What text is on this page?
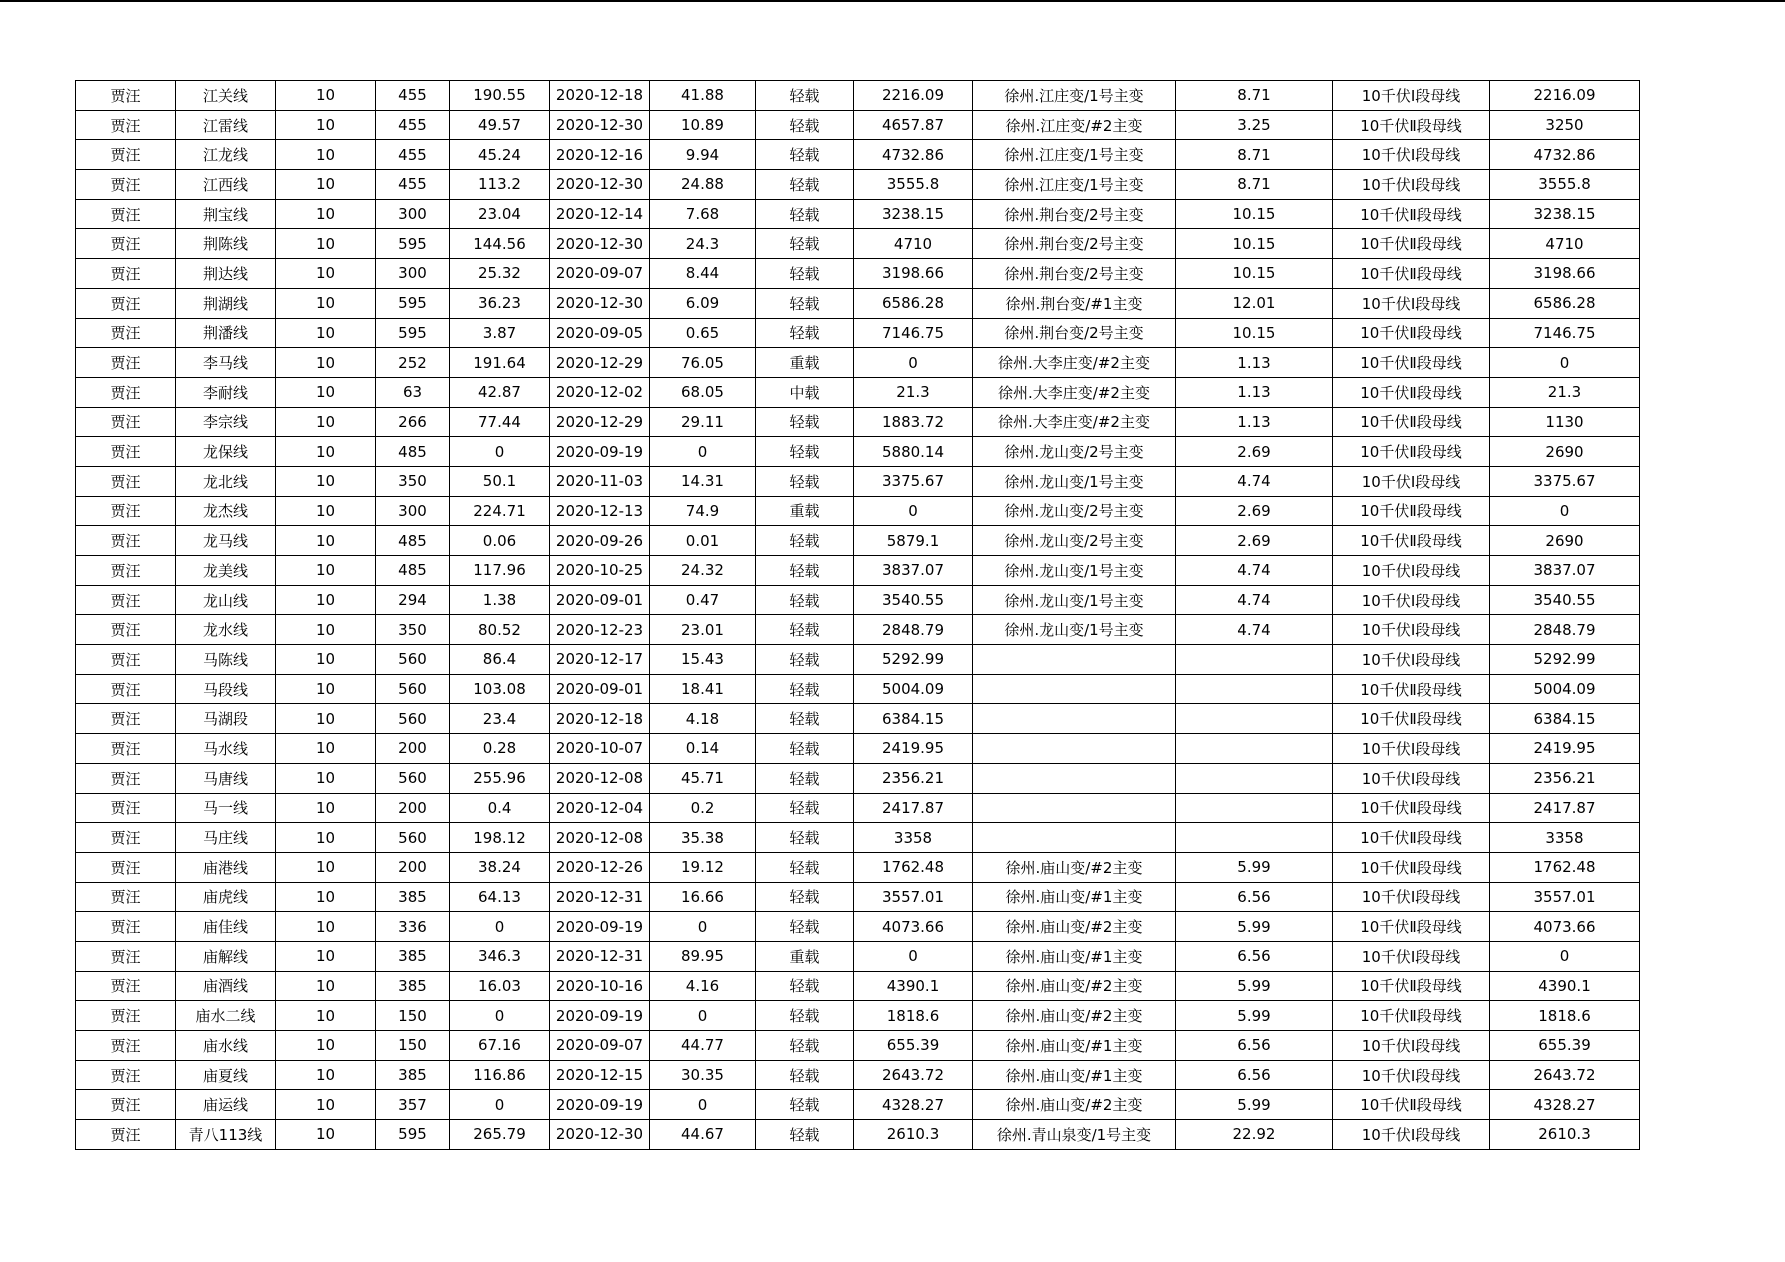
贾汪	江关线	10	455	190.55	2020-12-18	41.88	轻载	2216.09	徐州.江庄变/1号主变	8.71	10千伏Ⅰ段母线	2216.09
贾汪	江雷线	10	455	49.57	2020-12-30	10.89	轻载	4657.87	徐州.江庄变/#2主变	3.25	10千伏Ⅱ段母线	3250
贾汪	江龙线	10	455	45.24	2020-12-16	9.94	轻载	4732.86	徐州.江庄变/1号主变	8.71	10千伏Ⅰ段母线	4732.86
贾汪	江西线	10	455	113.2	2020-12-30	24.88	轻载	3555.8	徐州.江庄变/1号主变	8.71	10千伏Ⅰ段母线	3555.8
贾汪	荆宝线	10	300	23.04	2020-12-14	7.68	轻载	3238.15	徐州.荆台变/2号主变	10.15	10千伏Ⅱ段母线	3238.15
贾汪	荆陈线	10	595	144.56	2020-12-30	24.3	轻载	4710	徐州.荆台变/2号主变	10.15	10千伏Ⅱ段母线	4710
贾汪	荆达线	10	300	25.32	2020-09-07	8.44	轻载	3198.66	徐州.荆台变/2号主变	10.15	10千伏Ⅱ段母线	3198.66
贾汪	荆湖线	10	595	36.23	2020-12-30	6.09	轻载	6586.28	徐州.荆台变/#1主变	12.01	10千伏Ⅰ段母线	6586.28
贾汪	荆潘线	10	595	3.87	2020-09-05	0.65	轻载	7146.75	徐州.荆台变/2号主变	10.15	10千伏Ⅱ段母线	7146.75
贾汪	李马线	10	252	191.64	2020-12-29	76.05	重载	0	徐州.大李庄变/#2主变	1.13	10千伏Ⅱ段母线	0
贾汪	李耐线	10	63	42.87	2020-12-02	68.05	中载	21.3	徐州.大李庄变/#2主变	1.13	10千伏Ⅱ段母线	21.3
贾汪	李宗线	10	266	77.44	2020-12-29	29.11	轻载	1883.72	徐州.大李庄变/#2主变	1.13	10千伏Ⅱ段母线	1130
贾汪	龙保线	10	485	0	2020-09-19	0	轻载	5880.14	徐州.龙山变/2号主变	2.69	10千伏Ⅱ段母线	2690
贾汪	龙北线	10	350	50.1	2020-11-03	14.31	轻载	3375.67	徐州.龙山变/1号主变	4.74	10千伏Ⅰ段母线	3375.67
贾汪	龙杰线	10	300	224.71	2020-12-13	74.9	重载	0	徐州.龙山变/2号主变	2.69	10千伏Ⅱ段母线	0
贾汪	龙马线	10	485	0.06	2020-09-26	0.01	轻载	5879.1	徐州.龙山变/2号主变	2.69	10千伏Ⅱ段母线	2690
贾汪	龙美线	10	485	117.96	2020-10-25	24.32	轻载	3837.07	徐州.龙山变/1号主变	4.74	10千伏Ⅰ段母线	3837.07
贾汪	龙山线	10	294	1.38	2020-09-01	0.47	轻载	3540.55	徐州.龙山变/1号主变	4.74	10千伏Ⅰ段母线	3540.55
贾汪	龙水线	10	350	80.52	2020-12-23	23.01	轻载	2848.79	徐州.龙山变/1号主变	4.74	10千伏Ⅰ段母线	2848.79
贾汪	马陈线	10	560	86.4	2020-12-17	15.43	轻载	5292.99			10千伏Ⅰ段母线	5292.99
贾汪	马段线	10	560	103.08	2020-09-01	18.41	轻载	5004.09			10千伏Ⅱ段母线	5004.09
贾汪	马湖段	10	560	23.4	2020-12-18	4.18	轻载	6384.15			10千伏Ⅱ段母线	6384.15
贾汪	马水线	10	200	0.28	2020-10-07	0.14	轻载	2419.95			10千伏Ⅰ段母线	2419.95
贾汪	马唐线	10	560	255.96	2020-12-08	45.71	轻载	2356.21			10千伏Ⅰ段母线	2356.21
贾汪	马一线	10	200	0.4	2020-12-04	0.2	轻载	2417.87			10千伏Ⅱ段母线	2417.87
贾汪	马庄线	10	560	198.12	2020-12-08	35.38	轻载	3358			10千伏Ⅱ段母线	3358
贾汪	庙港线	10	200	38.24	2020-12-26	19.12	轻载	1762.48	徐州.庙山变/#2主变	5.99	10千伏Ⅱ段母线	1762.48
贾汪	庙虎线	10	385	64.13	2020-12-31	16.66	轻载	3557.01	徐州.庙山变/#1主变	6.56	10千伏Ⅰ段母线	3557.01
贾汪	庙佳线	10	336	0	2020-09-19	0	轻载	4073.66	徐州.庙山变/#2主变	5.99	10千伏Ⅱ段母线	4073.66
贾汪	庙解线	10	385	346.3	2020-12-31	89.95	重载	0	徐州.庙山变/#1主变	6.56	10千伏Ⅰ段母线	0
贾汪	庙酒线	10	385	16.03	2020-10-16	4.16	轻载	4390.1	徐州.庙山变/#2主变	5.99	10千伏Ⅱ段母线	4390.1
贾汪	庙水二线	10	150	0	2020-09-19	0	轻载	1818.6	徐州.庙山变/#2主变	5.99	10千伏Ⅱ段母线	1818.6
贾汪	庙水线	10	150	67.16	2020-09-07	44.77	轻载	655.39	徐州.庙山变/#1主变	6.56	10千伏Ⅰ段母线	655.39
贾汪	庙夏线	10	385	116.86	2020-12-15	30.35	轻载	2643.72	徐州.庙山变/#1主变	6.56	10千伏Ⅰ段母线	2643.72
贾汪	庙运线	10	357	0	2020-09-19	0	轻载	4328.27	徐州.庙山变/#2主变	5.99	10千伏Ⅱ段母线	4328.27
贾汪	青八113线	10	595	265.79	2020-12-30	44.67	轻载	2610.3	徐州.青山泉变/1号主变	22.92	10千伏Ⅰ段母线	2610.3
